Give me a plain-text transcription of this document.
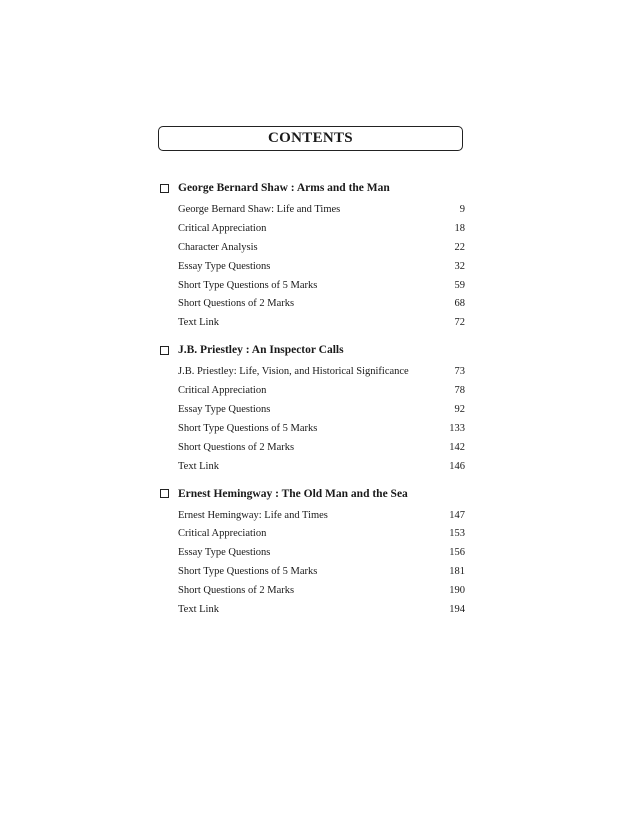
CONTENTS
George Bernard Shaw : Arms and the Man
George Bernard Shaw: Life and Times	9
Critical Appreciation	18
Character Analysis	22
Essay Type Questions	32
Short Type Questions of 5 Marks	59
Short Questions of 2 Marks	68
Text Link	72
J.B. Priestley : An Inspector Calls
J.B. Priestley: Life, Vision, and Historical Significance	73
Critical Appreciation	78
Essay Type Questions	92
Short Type Questions of 5 Marks	133
Short Questions of 2 Marks	142
Text Link	146
Ernest Hemingway : The Old Man and the Sea
Ernest Hemingway: Life and Times	147
Critical Appreciation	153
Essay Type Questions	156
Short Type Questions of 5 Marks	181
Short Questions of 2 Marks	190
Text Link	194
